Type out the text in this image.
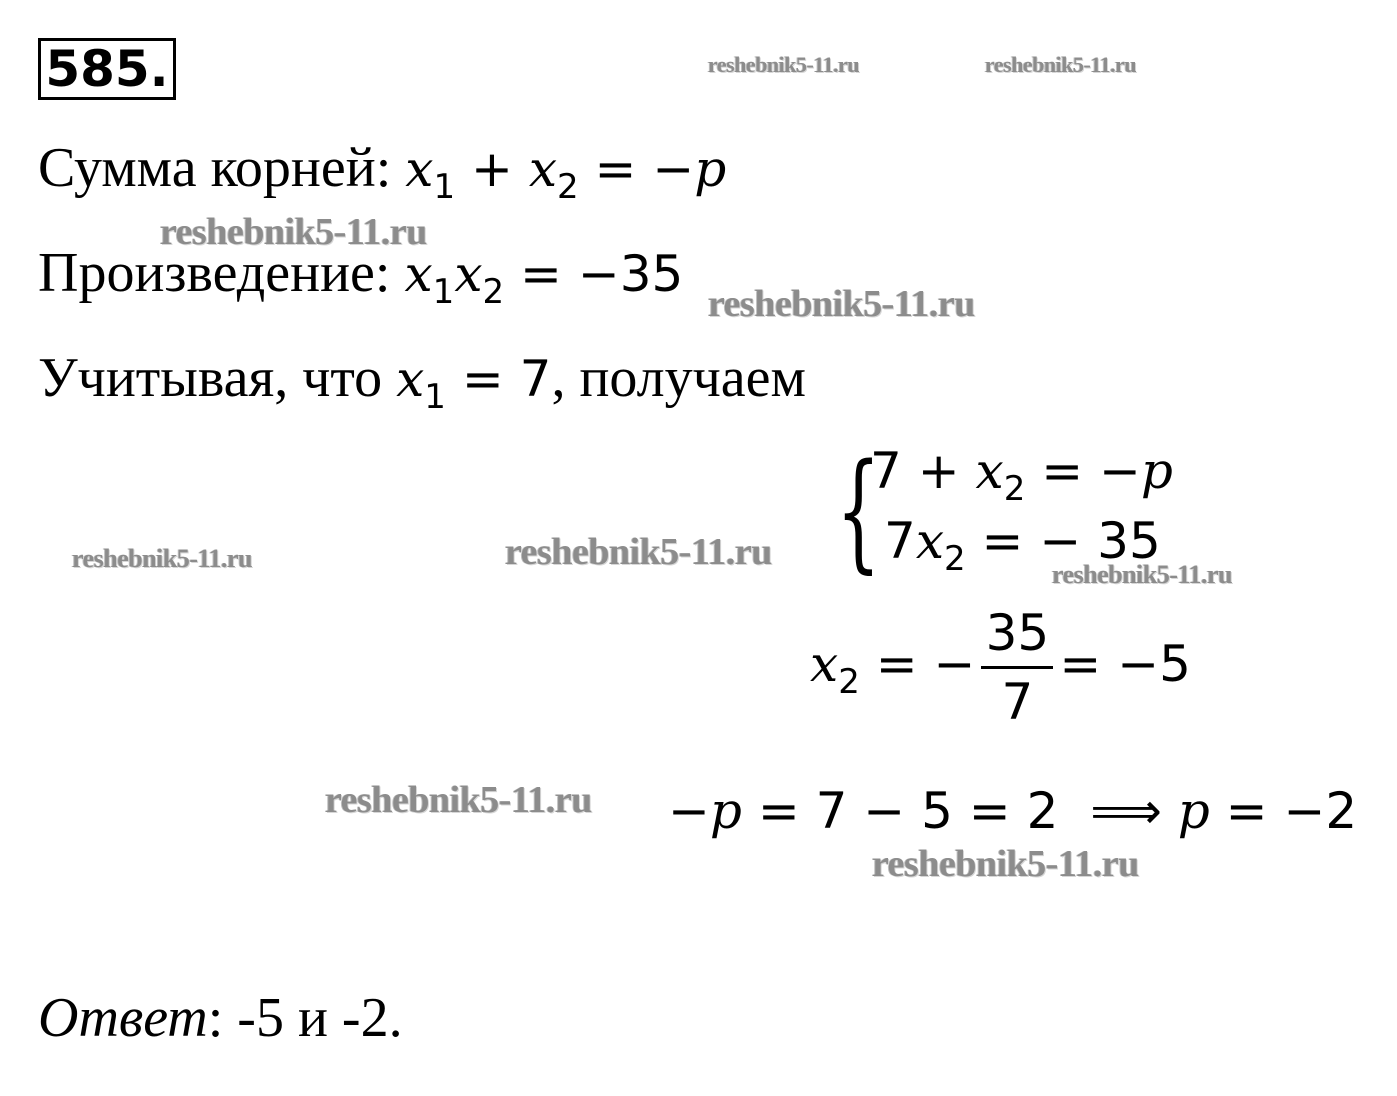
585.
Сумма корней: $x_1 + x_2 = -p$
Произведение: $x_1x_2 = -35$
Учитывая, что $x_1 = 7$, получаем
{
$7 + x_2 = -p$
$7x_2$ = − 35
$x_2$ = − $\frac{35}{7} = -5$
−p = 7 − 5 = 2  ⟹ p = −2
Ответ: -5 и -2.
reshebnik5-11.ru	reshebnik5-11.ru
reshebnik5-11.ru
reshebnik5-11.ru
reshebnik5-11.ru	reshebnik5-11.ru
reshebnik5-11.ru
reshebnik5-11.ru
reshebnik5-11.ru
